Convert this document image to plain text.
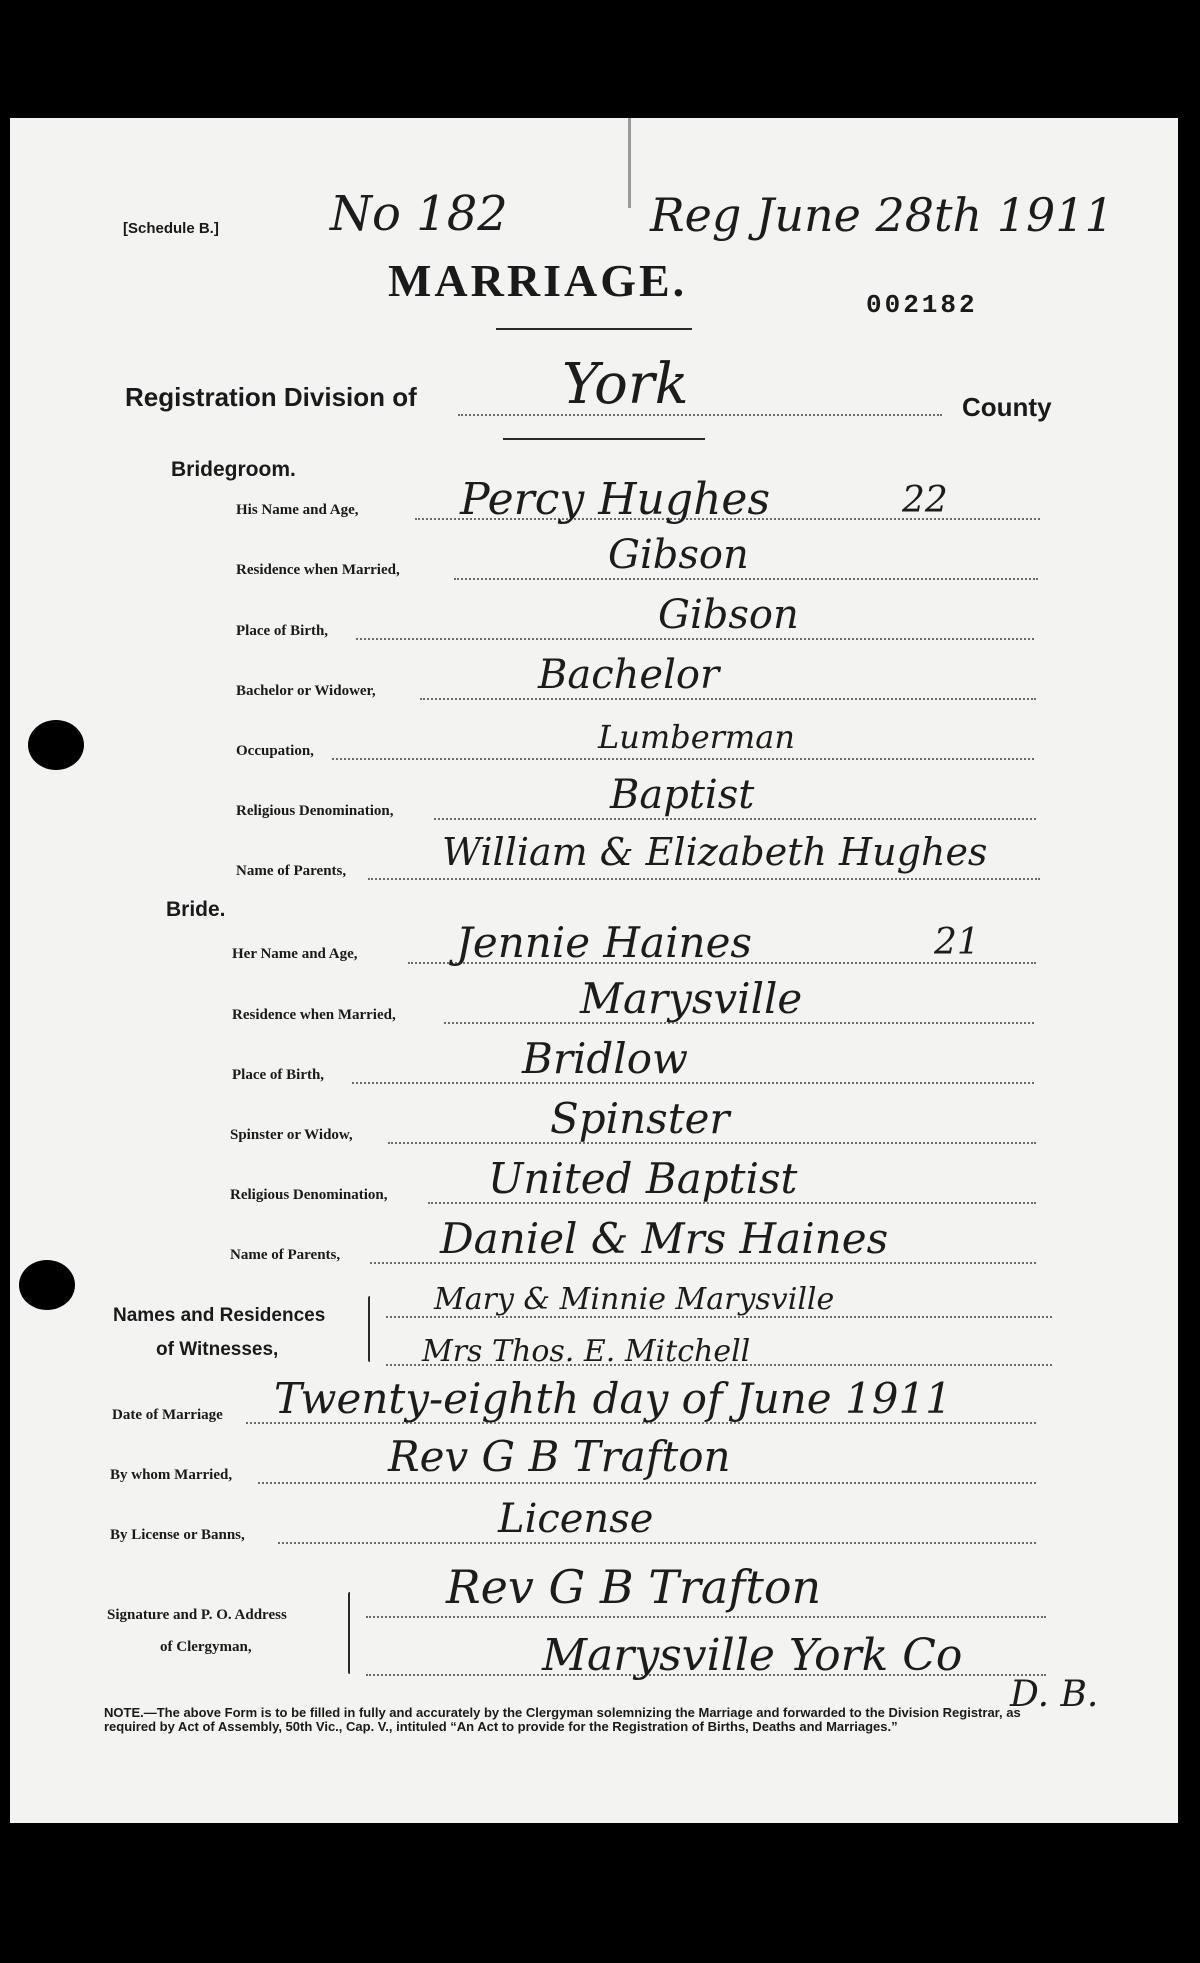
[Schedule B.] No 182	Reg June 28th 1911
MARRIAGE.	002182
Registration Division of	York	County
Bridegroom.
His Name and Age, Percy Hughes	22
Residence when Married,	Gibson
Place of Birth,	Gibson
Bachelor or Widower,	Bachelor
Occupation,	Lumberman
Religious Denomination,	Baptist
Name of Parents,	William & Elizabeth Hughes
Bride.
Her Name and Age, Jennie Haines	21
Residence when Married,	Marysville
Place of Birth,	Bridlow
Spinster or Widow,	Spinster
Religious Denomination, United Baptist
Name of Parents, Daniel & Mrs Haines
Names and Residences
of Witnesses,
Mary & Minnie Marysville
Mrs Thos. E. Mitchell
Date of Marriage Twenty-eighth day of June 1911
By whom Married,	Rev G B Trafton
By License or Banns,	License
Signature and P. O. Address
of Clergyman,
Rev G B Trafton
Marysville York Co
D. B.
NOTE.—The above Form is to be filled in fully and accurately by the Clergyman solemnizing the Marriage and forwarded to the Division Registrar, as required by Act of Assembly, 50th Vic., Cap. V., intituled “An Act to provide for the Registration of Births, Deaths and Marriages.”
